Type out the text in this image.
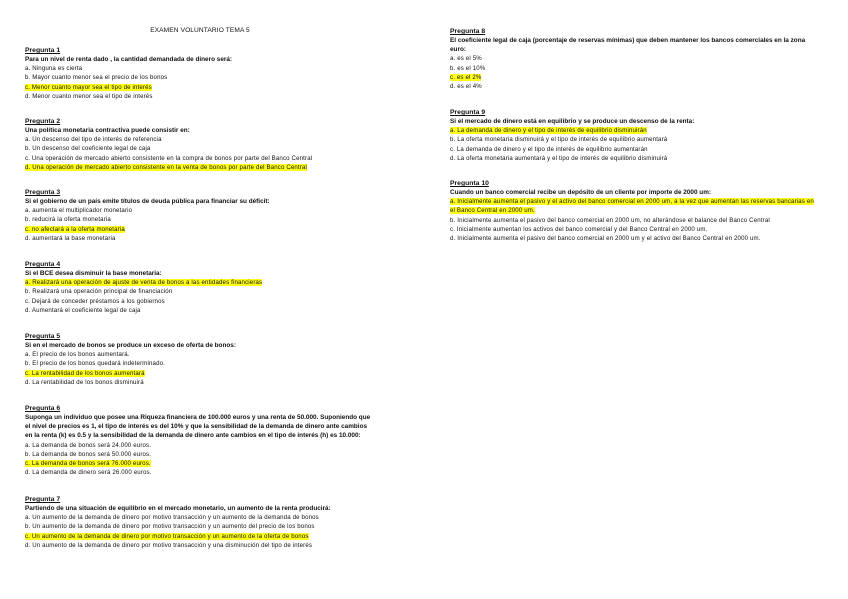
EXAMEN VOLUNTARIO TEMA 5

Pregunta 1

Para un nivel de renta dado , la cantidad demandada de dinero será:

a. Ninguna es cierta

b. Mayor cuanto menor sea el precio de los bonos

c. Menor cuanto mayor sea el tipo de interés

d. Menor cuanto menor sea el tipo de interés

Pregunta 2

Una política monetaria contractiva puede consistir en:

a. Un descenso del tipo de interés de referencia

b. Un descenso del coeficiente legal de caja

c. Una operación de mercado abierto consistente en la compra de bonos por parte del Banco Central

d. Una operación de mercado abierto consistente en la venta de bonos por parte del Banco Central

Pregunta 3

Si el gobierno de un país emite títulos de deuda pública para financiar su déficit:

a. aumenta el multiplicador monetario

b. reducirá la oferta monetaria

c. no afectará a la oferta monetaria

d. aumentará la base monetaria

Pregunta 4

Si el BCE desea disminuir la base monetaria:

a. Realizará una operación de ajuste de venta de bonos a las entidades financieras

b. Realizará una operación principal de financiación

c. Dejará de conceder préstamos a los gobiernos

d. Aumentará el coeficiente legal de caja

Pregunta 5

Si en el mercado de bonos se produce un exceso de oferta de bonos:

a. El precio de los bonos aumentará.

b. El precio de los bonos quedará indeterminado.

c. La rentabilidad de los bonos aumentará

d. La rentabilidad de los bonos disminuirá

Pregunta 6

Suponga un individuo que posee una Riqueza financiera de 100.000 euros y una renta de 50.000. Suponiendo que el nivel de precios es 1, el tipo de interés es del 10% y que la sensibilidad de la demanda de dinero ante cambios en la renta (k) es 0.5 y la sensibilidad de la demanda de dinero ante cambios en el tipo de interés (h) es 10.000:

a. La demanda de bonos será 24.000 euros.

b. La demanda de bonos será 50.000 euros.

c. La demanda de bonos será 76.000 euros.

d. La demanda de dinero será 26.000 euros.

Pregunta 7

Partiendo de una situación de equilibrio en el mercado monetario, un aumento de la renta producirá:

a. Un aumento de la demanda de dinero por motivo transacción y un aumento de la demanda de bonos

b. Un aumento de la demanda de dinero por motivo transacción y un aumento del precio de los bonos

c. Un aumento de la demanda de dinero por motivo transacción y un aumento de la oferta de bonos

d. Un aumento de la demanda de dinero por motivo transacción y una disminución del tipo de interés

Pregunta 8

El coeficiente legal de caja (porcentaje de reservas mínimas) que deben mantener los bancos comerciales en la zona euro:

a. es el 5%

b. es el 10%

c. es el 2%

d. es el 4%

Pregunta 9

Si el mercado de dinero está en equilibrio y se produce un descenso de la renta:

a. La demanda de dinero y el tipo de interés de equilibrio disminuirán

b. La oferta monetaria disminuirá y el tipo de interés de equilibrio aumentará

c. La demanda de dinero y el tipo de interés de equilibrio aumentarán

d. La oferta monetaria aumentará y el tipo de interés de equilibrio disminuirá

Pregunta 10

Cuando un banco comercial recibe un depósito de un cliente por importe de 2000 um:

a. Inicialmente aumenta el pasivo y el activo del banco comercial en 2000 um, a la vez que aumentan las reservas bancarias en el Banco Central en 2000 um.

b. Inicialmente aumenta el pasivo del banco comercial en 2000 um, no alterándose el balance del Banco Central

c. Inicialmente aumentan los activos del banco comercial y del Banco Central en 2000 um.

d. Inicialmente aumenta el pasivo del banco comercial en 2000 um y el activo del Banco Central en 2000 um.
